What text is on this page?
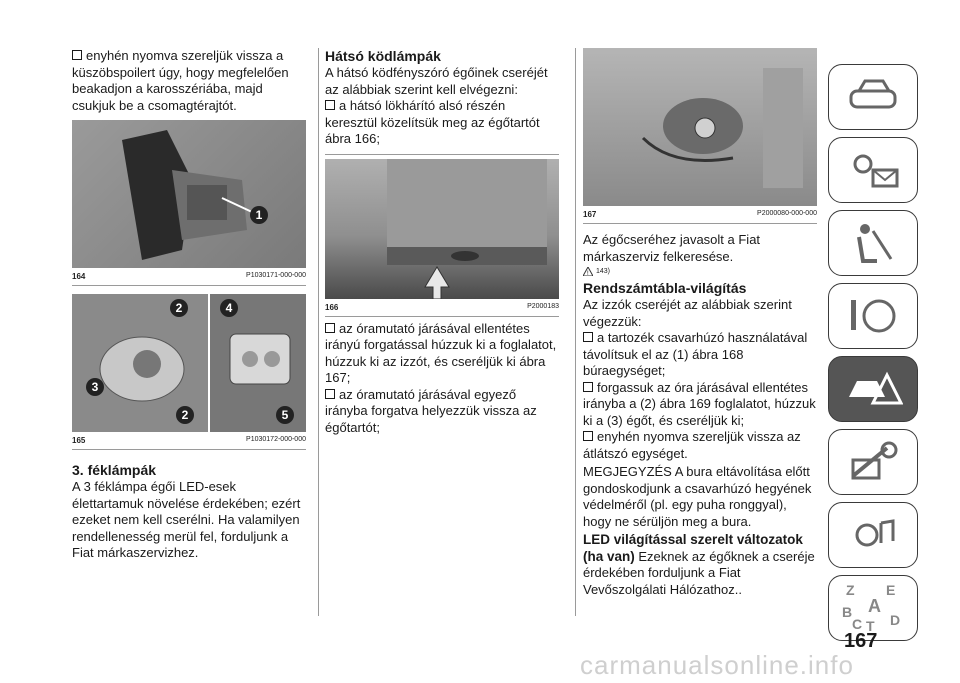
enyhén nyomva szereljük vissza a küszöbspoilert úgy, hogy megfelelően beakadjon a karosszériába, majd csukjuk be a csomagtérajtót.

1
164	P1030171-000-000
2
3
2
4
5
165	P1030172-000-000
3. féklámpák

A 3 féklámpa égői LED-esek élettartamuk növelése érdekében; ezért ezeket nem kell cserélni. Ha valamilyen rendellenesség merül fel, forduljunk a Fiat márkaszervizhez.

Hátsó ködlámpák

A hátsó ködfényszóró égőinek cseréjét az alábbiak szerint kell elvégezni:

a hátsó lökhárító alsó részén keresztül közelítsük meg az égőtartót ábra 166;

166	P2000183

az óramutató járásával ellentétes irányú forgatással húzzuk ki a foglalatot, húzzuk ki az izzót, és cseréljük ki ábra 167;

az óramutató járásával egyező irányba forgatva helyezzük vissza az égőtartót;

167	P2000080-000-000

Az égőcseréhez javasolt a Fiat márkaszerviz felkeresése.

! 143)
Rendszámtábla-világítás

Az izzók cseréjét az alábbiak szerint végezzük:

a tartozék csavarhúzó használatával távolítsuk el az (1) ábra 168 búraegységet;

forgassuk az óra járásával ellentétes irányba a (2) ábra 169 foglalatot, húzzuk ki a (3) égőt, és cseréljük ki;

enyhén nyomva szereljük vissza az átlátszó egységet.

MEGJEGYZÉS A bura eltávolítása előtt gondoskodjunk a csavarhúzó hegyének védelméről (pl. egy puha ronggyal), hogy ne sérüljön meg a bura.

LED világítással szerelt változatok (ha van) Ezeknek az égőknek a cseréje érdekében forduljunk a Fiat Vevőszolgálati Hálózathoz..	Z E
A
B
C T D
167
carmanualsonline.info
